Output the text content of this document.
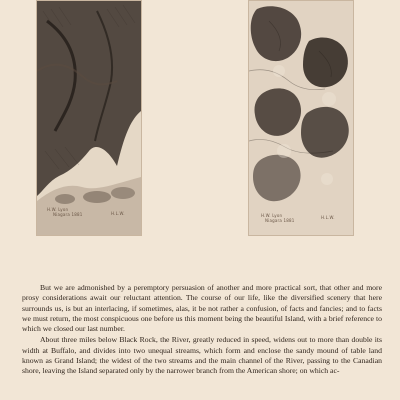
H.W. Lyon
Niagara 1881	H.L.W.	H.W. Lyon
Niagara 1881
H.L.W.

But we are admonished by a peremptory persuasion of another and more practical sort, that other and more prosy considerations await our reluctant attention. The course of our life, like the diversified scenery that here surrounds us, is but an interlacing, if sometimes, alas, it be not rather a confusion, of facts and fancies; and to facts we must return, the most conspicuous one before us this moment being the beautiful Island, with a brief reference to which we closed our last number.

About three miles below Black Rock, the River, greatly reduced in speed, widens out to more than double its width at Buffalo, and divides into two unequal streams, which form and enclose the sandy mound of table land known as Grand Island; the widest of the two streams and the main channel of the River, passing to the Canadian shore, leaving the Island separated only by the narrower branch from the American shore; on which ac-
